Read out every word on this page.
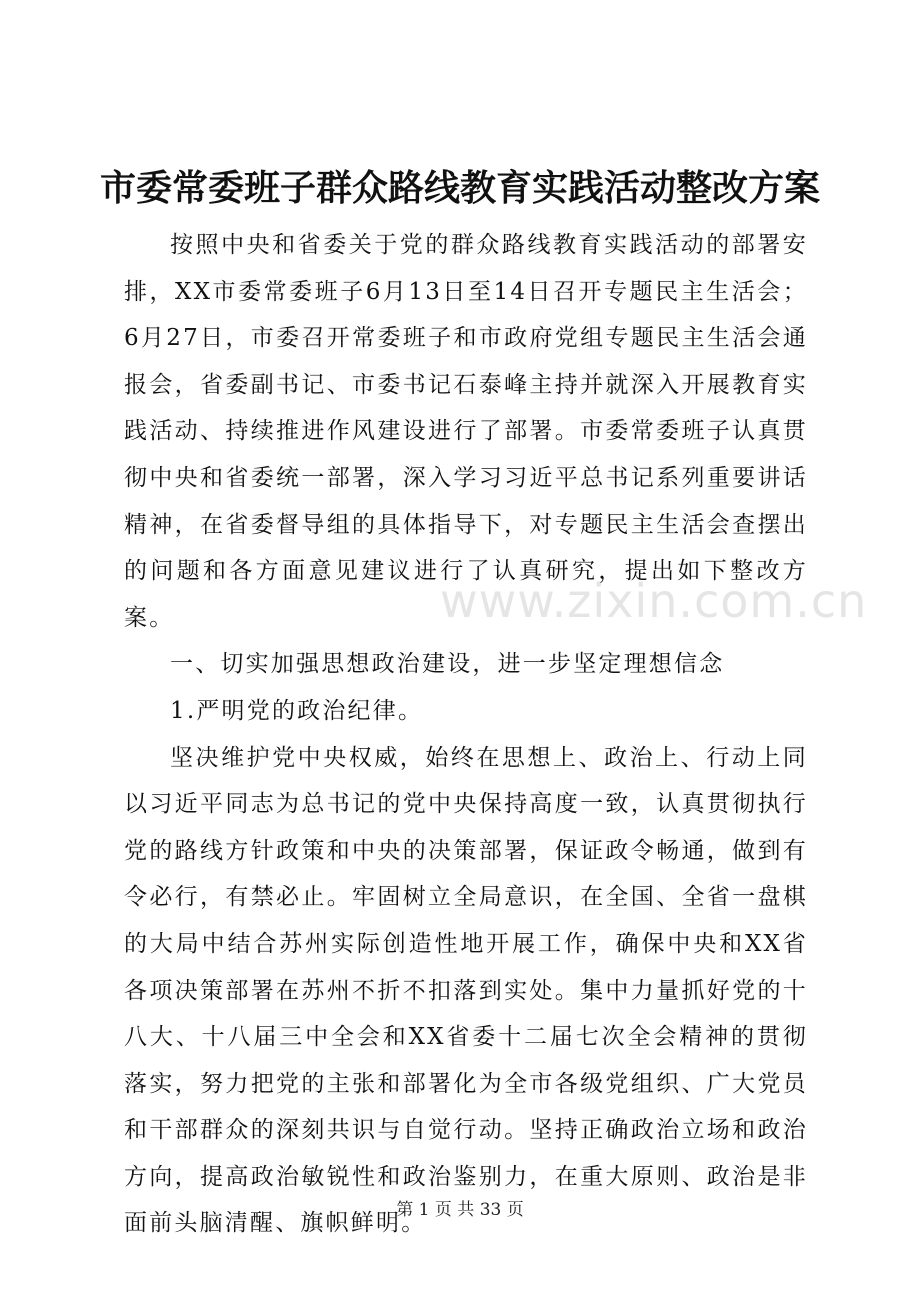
市委常委班子群众路线教育实践活动整改方案

按照中央和省委关于党的群众路线教育实践活动的部署安排，XX市委常委班子6月13日至14日召开专题民主生活会；6月27日，市委召开常委班子和市政府党组专题民主生活会通报会，省委副书记、市委书记石泰峰主持并就深入开展教育实践活动、持续推进作风建设进行了部署。市委常委班子认真贯彻中央和省委统一部署，深入学习习近平总书记系列重要讲话精神，在省委督导组的具体指导下，对专题民主生活会查摆出的问题和各方面意见建议进行了认真研究，提出如下整改方案。

一、切实加强思想政治建设，进一步坚定理想信念

1.严明党的政治纪律。

坚决维护党中央权威，始终在思想上、政治上、行动上同以习近平同志为总书记的党中央保持高度一致，认真贯彻执行党的路线方针政策和中央的决策部署，保证政令畅通，做到有令必行，有禁必止。牢固树立全局意识，在全国、全省一盘棋的大局中结合苏州实际创造性地开展工作，确保中央和XX省各项决策部署在苏州不折不扣落到实处。集中力量抓好党的十八大、十八届三中全会和XX省委十二届七次全会精神的贯彻落实，努力把党的主张和部署化为全市各级党组织、广大党员和干部群众的深刻共识与自觉行动。坚持正确政治立场和政治方向，提高政治敏锐性和政治鉴别力，在重大原则、政治是非面前头脑清醒、旗帜鲜明。

www.zixin.com.cn
第 1 页 共 33 页
